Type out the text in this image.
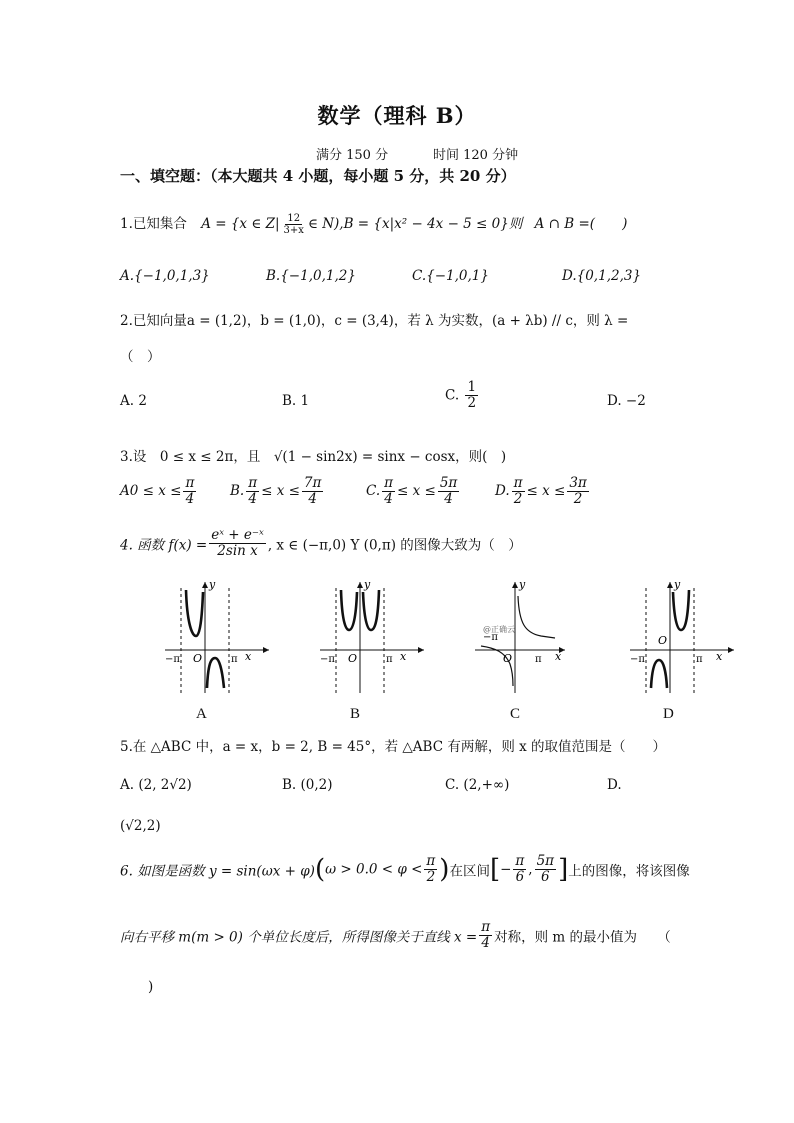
数学（理科 B）
满分 150 分	时间 120 分钟
一、填空题：（本大题共 4 小题，每小题 5 分，共 20 分）
1.已知集合 A = {x ∈ $Z| \frac{12}{3+x}$ ∈ N),B = {x|x² − 4x − 5 ≤ 0}则 A ∩ B =(　　)
A.{−1,0,1,3}	B.{−1,0,1,2}	C.{−1,0,1}	D.{0,1,2,3}
2.已知向量a = (1,2)，b = (1,0)，c = (3,4)，若 λ 为实数，(a + λb) // c，则 λ =
（　）
A. 2	B. 1	C. $\frac{1}{2}$	D. −2
3.设　0 ≤ x ≤ 2π，且　√(1 − sin2x) = sinx − cosx，则(　)
$A0 \le x \le \frac{\pi}{4} B$. $\frac{\pi}{4} \le x \le \frac{7\pi}{4}$	C. $\frac{\pi}{4} \le x \le \frac{5\pi}{4}$	D. $\frac{\pi}{2} \le x \le \frac{3\pi}{2}$
4. 函数 $f(x) = \frac{\text{eˣ + e⁻ˣ}}{\text{2sin x}}$ , x ∈ (−π,0) Y (0,π) 的图像大致为（　）
y
x
O	π
−π
A
y
x
O	π
−π
B
y
x
O π
−π
@正确云
C
y
x
O
π
−π
D
5.在 △ABC 中，a = x，b = 2, B = 45°，若 △ABC 有两解，则 x 的取值范围是（　　）
A. (2, 2√2)	B. (0,2)	C. (2,+∞)	D.
(√2,2)
6. 如图是函数 $y = \sin(\omega x + \varphi)(\omega > 0.0 < \varphi < \frac{\pi}{2}$ )在区间[− $\frac{\pi}{6}$ , $\frac{5\pi}{6}$ ]上的图像，将该图像
向右平移 m(m > 0) 个单位长度后，所得图像关于直线 $x = \frac{\pi}{4}$ 对称，则 m 的最小值为　　（
)
